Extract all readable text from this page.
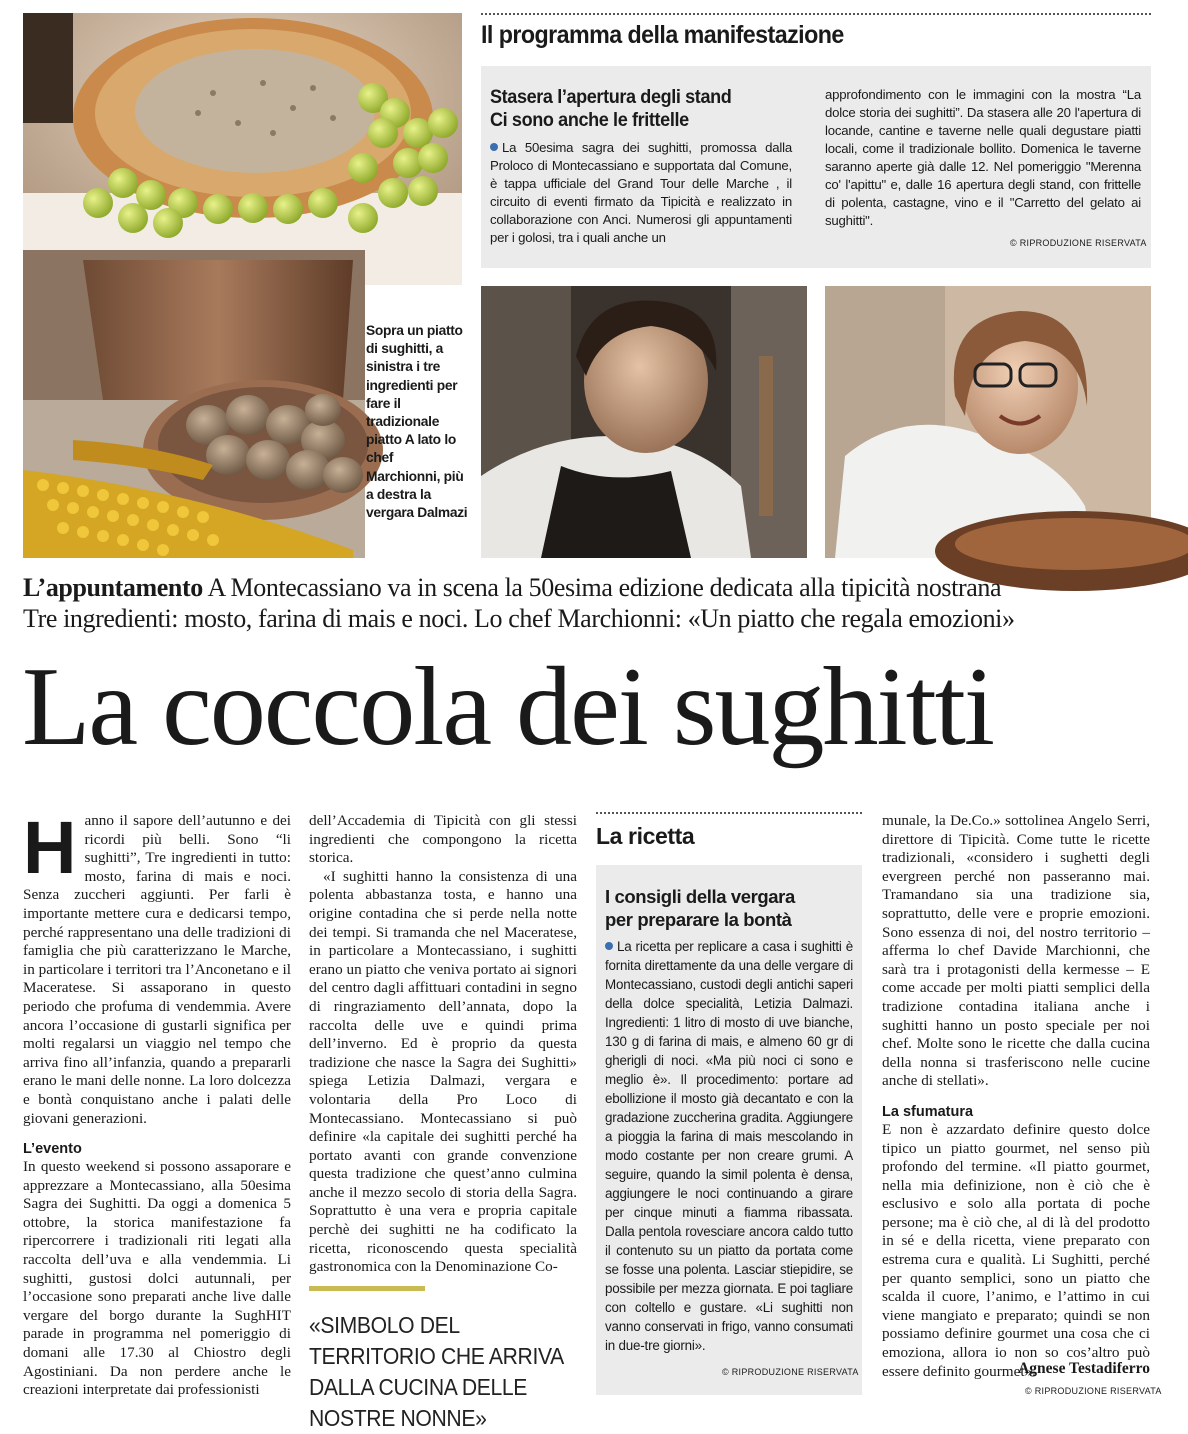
Il programma della manifestazione
Stasera l’apertura degli stand
Ci sono anche le frittelle
La 50esima sagra dei sughitti, promossa dalla Proloco di Montecassiano e supportata dal Comune, è tappa ufficiale del Grand Tour delle Marche , il circuito di eventi firmato da Tipicità e realizzato in collaborazione con Anci. Numerosi gli appuntamenti per i golosi, tra i quali anche un
approfondimento con le immagini con la mostra “La dolce storia dei sughitti”. Da stasera alle 20 l'apertura di locande, cantine e taverne nelle quali degustare piatti locali, come il tradizionale bollito. Domenica le taverne saranno aperte già dalle 12. Nel pomeriggio "Merenna co' l'apittu" e, dalle 16 apertura degli stand, con frittelle di polenta, castagne, vino e il "Carretto del gelato ai sughitti".
© RIPRODUZIONE RISERVATA
Sopra un piatto di sughitti, a sinistra i tre ingredienti per fare il tradizionale piatto A lato lo chef Marchionni, più a destra la vergara Dalmazi
L’appuntamento A Montecassiano va in scena la 50esima edizione dedicata alla tipicità nostrana
Tre ingredienti: mosto, farina di mais e noci. Lo chef Marchionni: «Un piatto che regala emozioni»
La coccola dei sughitti

Hanno il sapore dell’autunno e dei ricordi più belli. Sono “li sughitti”, Tre ingredienti in tutto: mosto, farina di mais e noci. Senza zuccheri aggiunti. Per farli è importante mettere cura e dedicarsi tempo, perché rappresentano una delle tradizioni di famiglia che più caratterizzano le Marche, in particolare i territori tra l’Anconetano e il Maceratese. Si assaporano in questo periodo che profuma di vendemmia. Avere ancora l’occasione di gustarli significa per molti regalarsi un viaggio nel tempo che arriva fino all’infanzia, quando a prepararli erano le mani delle nonne. La loro dolcezza e bontà conquistano anche i palati delle giovani generazioni.

L’evento

In questo weekend si possono assaporare e apprezzare a Montecassiano, alla 50esima Sagra dei Sughitti. Da oggi a domenica 5 ottobre, la storica manifestazione fa ripercorrere i tradizionali riti legati alla raccolta dell’uva e alla vendemmia. Li sughitti, gustosi dolci autunnali, per l’occasione sono preparati anche live dalle vergare del borgo durante la SughHIT parade in programma nel pomeriggio di domani alle 17.30 al Chiostro degli Agostiniani. Da non perdere anche le creazioni interpretate dai professionisti

dell’Accademia di Tipicità con gli stessi ingredienti che compongono la ricetta storica.

«I sughitti hanno la consistenza di una polenta abbastanza tosta, e hanno una origine contadina che si perde nella notte dei tempi. Si tramanda che nel Maceratese, in particolare a Montecassiano, i sughitti erano un piatto che veniva portato ai signori del centro dagli affittuari contadini in segno di ringraziamento dell’annata, dopo la raccolta delle uve e quindi prima dell’inverno. Ed è proprio da questa tradizione che nasce la Sagra dei Sughitti» spiega Letizia Dalmazi, vergara e volontaria della Pro Loco di Montecassiano. Montecassiano si può definire «la capitale dei sughitti perché ha portato avanti con grande convenzione questa tradizione che quest’anno culmina anche il mezzo secolo di storia della Sagra. Soprattutto è una vera e propria capitale perchè dei sughitti ne ha codificato la ricetta, riconoscendo questa specialità gastronomica con la Denominazione Co-

«SIMBOLO DEL TERRITORIO CHE ARRIVA DALLA CUCINA DELLE NOSTRE NONNE»
La ricetta
I consigli della vergara
per preparare la bontà
La ricetta per replicare a casa i sughitti è fornita direttamente da una delle vergare di Montecassiano, custodi degli antichi saperi della dolce specialità, Letizia Dalmazi. Ingredienti: 1 litro di mosto di uve bianche, 130 g di farina di mais, e almeno 60 gr di gherigli di noci. «Ma più noci ci sono e meglio è». Il procedimento: portare ad ebollizione il mosto già decantato e con la gradazione zuccherina gradita. Aggiungere a pioggia la farina di mais mescolando in modo costante per non creare grumi. A seguire, quando la simil polenta è densa, aggiungere le noci continuando a girare per cinque minuti a fiamma ribassata. Dalla pentola rovesciare ancora caldo tutto il contenuto su un piatto da portata come se fosse una polenta. Lasciar stiepidire, se possibile per mezza giornata. E poi tagliare con coltello e gustare. «Li sughitti non vanno conservati in frigo, vanno consumati in due-tre giorni».
© RIPRODUZIONE RISERVATA

munale, la De.Co.» sottolinea Angelo Serri, direttore di Tipicità. Come tutte le ricette tradizionali, «considero i sughetti degli evergreen perché non passeranno mai. Tramandano sia una tradizione sia, soprattutto, delle vere e proprie emozioni. Sono essenza di noi, del nostro territorio – afferma lo chef Davide Marchionni, che sarà tra i protagonisti della kermesse – E come accade per molti piatti semplici della tradizione contadina italiana anche i sughitti hanno un posto speciale per noi chef. Molte sono le ricette che dalla cucina della nonna si trasferiscono nelle cucine anche di stellati».

La sfumatura

E non è azzardato definire questo dolce tipico un piatto gourmet, nel senso più profondo del termine. «Il piatto gourmet, nella mia definizione, non è ciò che è esclusivo e solo alla portata di poche persone; ma è ciò che, al di là del prodotto in sé e della ricetta, viene preparato con estrema cura e qualità. Li Sughitti, perché per quanto semplici, sono un piatto che scalda il cuore, l’animo, e l’attimo in cui viene mangiato e preparato; quindi se non possiamo definire gourmet una cosa che ci emoziona, allora io non so cos’altro può essere definito gourmet».

Agnese Testadiferro
© RIPRODUZIONE RISERVATA
